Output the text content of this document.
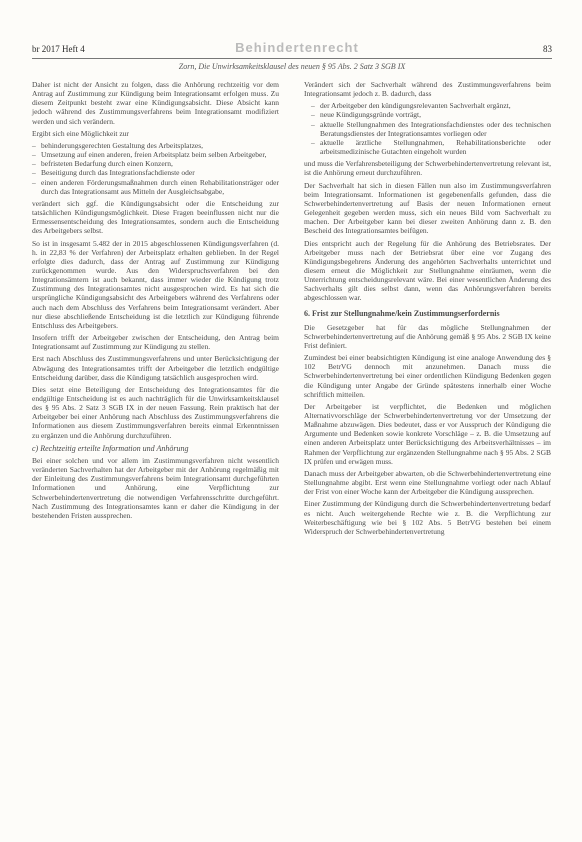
br 2017 Heft 4	Behindertenrecht	83
Zorn, Die Unwirksamkeitsklausel des neuen § 95 Abs. 2 Satz 3 SGB IX

Daher ist nicht der Ansicht zu folgen, dass die Anhörung rechtzeitig vor dem Antrag auf Zustimmung zur Kündigung beim Integrationsamt erfolgen muss. Zu diesem Zeitpunkt besteht zwar eine Kündigungsabsicht. Diese Absicht kann jedoch während des Zustimmungsverfahrens beim Integrationsamt modifiziert werden und sich verändern.

Ergibt sich eine Möglichkeit zur

– behinderungsgerechten Gestaltung des Arbeitsplatzes,
– Umsetzung auf einen anderen, freien Arbeitsplatz beim selben Arbeitgeber,
– befristeten Bedarfung durch einen Konzern,
– Beseitigung durch das Integrationsfachdienste oder
– einen anderen Förderungsmaßnahmen durch einen Rehabilitationsträger oder durch das Integrationsamt aus Mitteln der Ausgleichsabgabe,

verändert sich ggf. die Kündigungsabsicht oder die Entscheidung zur tatsächlichen Kündigungsmöglichkeit. Diese Fragen beeinflussen nicht nur die Ermessensentscheidung des Integrationsamtes, sondern auch die Entscheidung des Arbeitgebers selbst.

So ist in insgesamt 5.482 der in 2015 abgeschlossenen Kündigungsverfahren (d. h. in 22,83 % der Verfahren) der Arbeitsplatz erhalten geblieben. In der Regel erfolgte dies dadurch, dass der Antrag auf Zustimmung zur Kündigung zurückgenommen wurde. Aus den Widerspruchsverfahren bei den Integrationsämtern ist auch bekannt, dass immer wieder die Kündigung trotz Zustimmung des Integrationsamtes nicht ausgesprochen wird. Es hat sich die ursprüngliche Kündigungsabsicht des Arbeitgebers während des Verfahrens oder auch nach dem Abschluss des Verfahrens beim Integrationsamt verändert. Aber nur diese abschließende Entscheidung ist die letztlich zur Kündigung führende Entschluss des Arbeitgebers.

Insofern trifft der Arbeitgeber zwischen der Entscheidung, den Antrag beim Integrationsamt auf Zustimmung zur Kündigung zu stellen.

Erst nach Abschluss des Zustimmungsverfahrens und unter Berücksichtigung der Abwägung des Integrationsamtes trifft der Arbeitgeber die letztlich endgültige Entscheidung darüber, dass die Kündigung tatsächlich ausgesprochen wird.

Dies setzt eine Beteiligung der Entscheidung des Integrationsamtes für die endgültige Entscheidung ist es auch nachträglich für die Unwirksamkeitsklausel des § 95 Abs. 2 Satz 3 SGB IX in der neuen Fassung. Rein praktisch hat der Arbeitgeber bei einer Anhörung nach Abschluss des Zustimmungsverfahrens die Informationen aus diesem Zustimmungsverfahren bereits einmal Erkenntnissen zu ergänzen und die Anhörung durchzuführen.

c) Rechtzeitig erteilte Information und Anhörung

Bei einer solchen und vor allem im Zustimmungsverfahren nicht wesentlich veränderten Sachverhalten hat der Arbeitgeber mit der Anhörung regelmäßig mit der Einleitung des Zustimmungsverfahrens beim Integrationsamt durchgeführten Informationen und Anhörung, eine Verpflichtung zur Schwerbehindertenvertretung die notwendigen Verfahrensschritte durchgeführt. Nach Zustimmung des Integrationsamtes kann er daher die Kündigung in der bestehenden Fristen aussprechen.

Verändert sich der Sachverhalt während des Zustimmungsverfahrens beim Integrationsamt jedoch z. B. dadurch, dass

– der Arbeitgeber den kündigungsrelevanten Sachverhalt ergänzt,
– neue Kündigungsgründe vorträgt,
– aktuelle Stellungnahmen des Integrationsfachdienstes oder des technischen Beratungsdienstes der Integrationsamtes vorliegen oder
– aktuelle ärztliche Stellungnahmen, Rehabilitationsberichte oder arbeitsmedizinische Gutachten eingeholt wurden

und muss die Verfahrensbeteiligung der Schwerbehindertenvertretung relevant ist, ist die Anhörung erneut durchzuführen.

Der Sachverhalt hat sich in diesen Fällen nun also im Zustimmungsverfahren beim Integrationsamt. Informationen ist gegebenenfalls gefunden, dass die Schwerbehindertenvertretung auf Basis der neuen Informationen erneut Gelegenheit gegeben werden muss, sich ein neues Bild vom Sachverhalt zu machen. Der Arbeitgeber kann bei dieser zweiten Anhörung dann z. B. den Bescheid des Integrationsamtes beifügen.

Dies entspricht auch der Regelung für die Anhörung des Betriebsrates. Der Arbeitgeber muss nach der Betriebsrat über eine vor Zugang des Kündigungsbegehrens Änderung des angehörten Sachverhalts unterrichtet und diesem erneut die Möglichkeit zur Stellungnahme einräumen, wenn die Unterrichtung entscheidungsrelevant wäre. Bei einer wesentlichen Änderung des Sachverhalts gilt dies selbst dann, wenn das Anhörungsverfahren bereits abgeschlossen war.

6. Frist zur Stellungnahme/kein Zustimmungserfordernis

Die Gesetzgeber hat für das mögliche Stellungnahmen der Schwerbehindertenvertretung auf die Anhörung gemäß § 95 Abs. 2 SGB IX keine Frist definiert.

Zumindest bei einer beabsichtigten Kündigung ist eine analoge Anwendung des § 102 BetrVG dennoch mit anzunehmen. Danach muss die Schwerbehindertenvertretung bei einer ordentlichen Kündigung Bedenken gegen die Kündigung unter Angabe der Gründe spätestens innerhalb einer Woche schriftlich mitteilen.

Der Arbeitgeber ist verpflichtet, die Bedenken und möglichen Alternativvorschläge der Schwerbehindertenvertretung vor der Umsetzung der Maßnahme abzuwägen. Dies bedeutet, dass er vor Ausspruch der Kündigung die Argumente und Bedenken sowie konkrete Vorschläge – z. B. die Umsetzung auf einen anderen Arbeitsplatz unter Berücksichtigung des Arbeitsverhältnisses – im Rahmen der Verpflichtung zur ergänzenden Stellungnahme nach § 95 Abs. 2 SGB IX prüfen und erwägen muss.

Danach muss der Arbeitgeber abwarten, ob die Schwerbehindertenvertretung eine Stellungnahme abgibt. Erst wenn eine Stellungnahme vorliegt oder nach Ablauf der Frist von einer Woche kann der Arbeitgeber die Kündigung aussprechen.

Einer Zustimmung der Kündigung durch die Schwerbehindertenvertretung bedarf es nicht. Auch weitergehende Rechte wie z. B. die Verpflichtung zur Weiterbeschäftigung wie bei § 102 Abs. 5 BetrVG bestehen bei einem Widerspruch der Schwerbehindertenvertretung
